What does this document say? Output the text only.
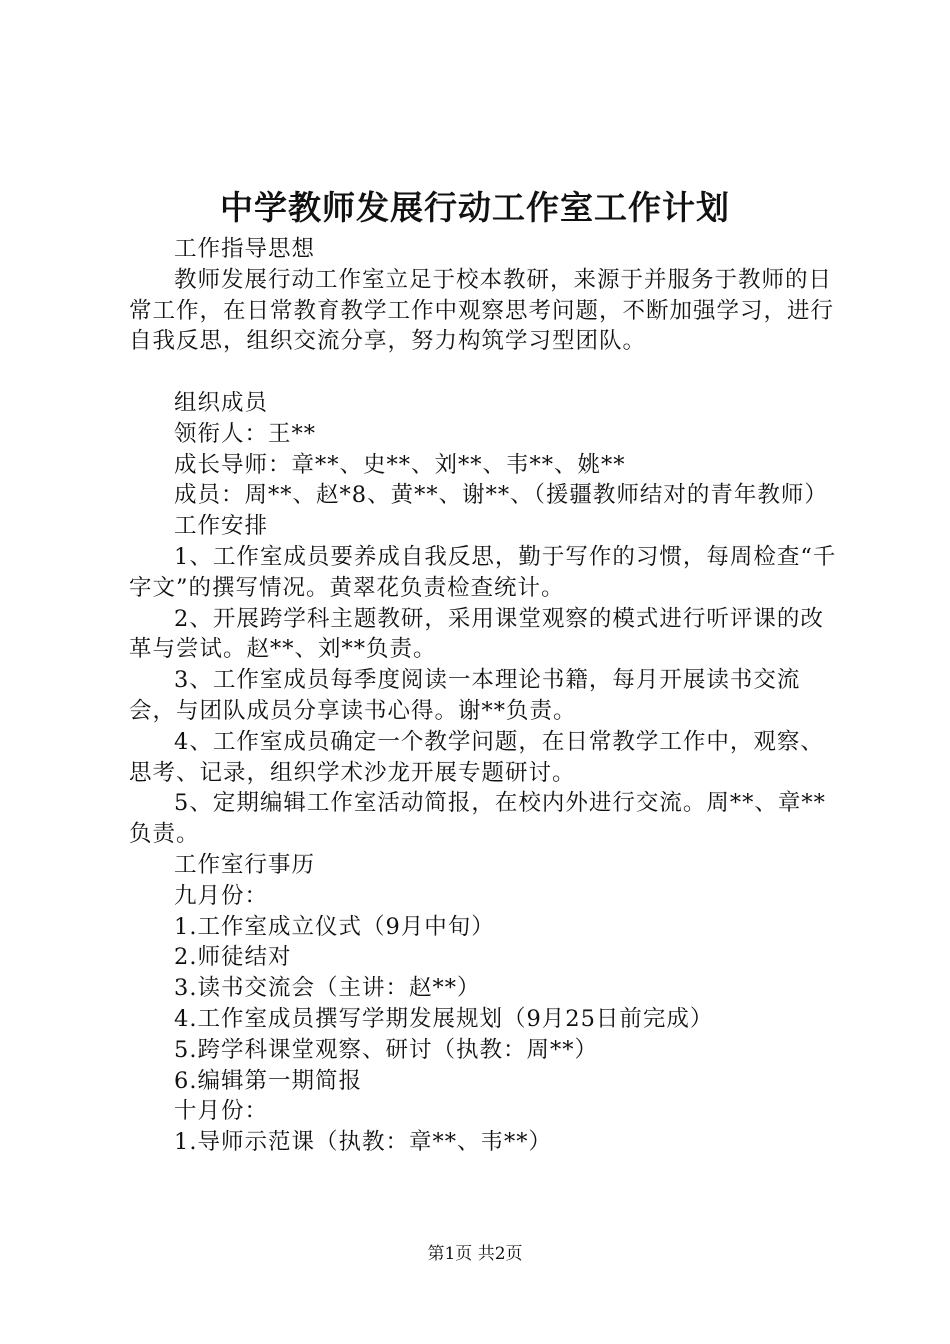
中学教师发展行动工作室工作计划

工作指导思想

教师发展行动工作室立足于校本教研，来源于并服务于教师的日常工作，在日常教育教学工作中观察思考问题，不断加强学习，进行自我反思，组织交流分享，努力构筑学习型团队。

组织成员

领衔人：王**

成长导师：章**、史**、刘**、韦**、姚**

成员：周**、赵*8、黄**、谢**、（援疆教师结对的青年教师）

工作安排

1、工作室成员要养成自我反思，勤于写作的习惯，每周检查“千字文”的撰写情况。黄翠花负责检查统计。

2、开展跨学科主题教研，采用课堂观察的模式进行听评课的改革与尝试。赵**、刘**负责。

3、工作室成员每季度阅读一本理论书籍，每月开展读书交流会，与团队成员分享读书心得。谢**负责。

4、工作室成员确定一个教学问题，在日常教学工作中，观察、思考、记录，组织学术沙龙开展专题研讨。

5、定期编辑工作室活动简报，在校内外进行交流。周**、章**负责。

工作室行事历

九月份：

1.工作室成立仪式（9月中旬）

2.师徒结对

3.读书交流会（主讲：赵**）

4.工作室成员撰写学期发展规划（9月25日前完成）

5.跨学科课堂观察、研讨（执教：周**）

6.编辑第一期简报

十月份：

1.导师示范课（执教：章**、韦**）

第1页 共2页
